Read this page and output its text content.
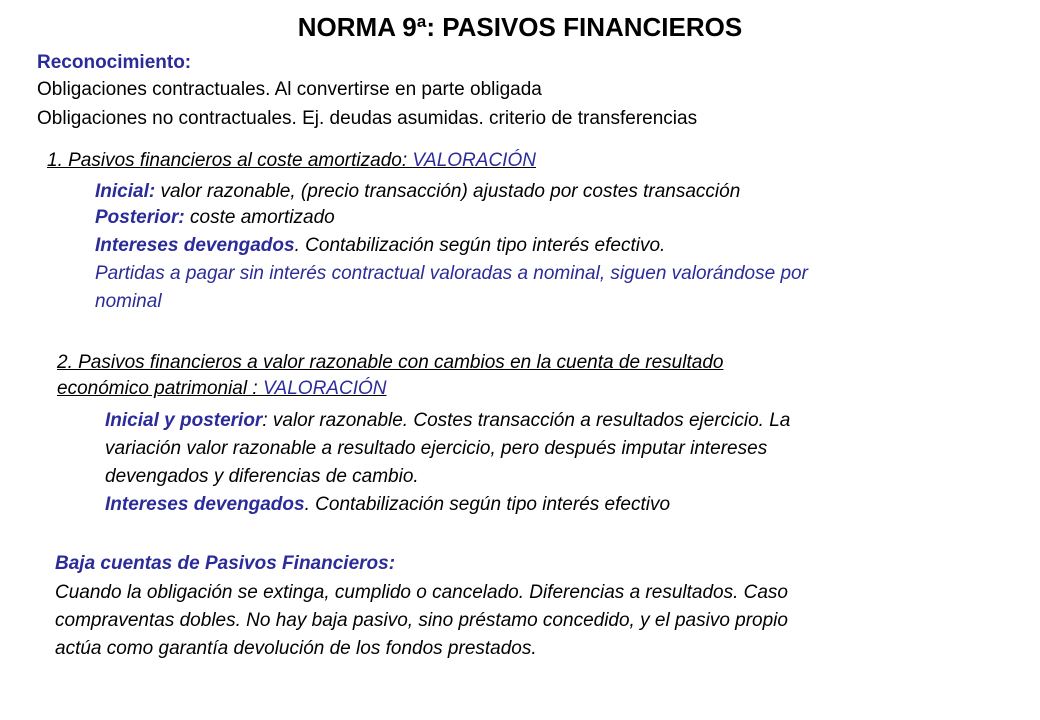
NORMA 9ª: PASIVOS FINANCIEROS
Reconocimiento:
Obligaciones contractuales. Al convertirse en parte obligada
Obligaciones no contractuales. Ej. deudas asumidas. criterio de transferencias
1. Pasivos financieros al coste amortizado: VALORACIÓN
Inicial: valor razonable, (precio transacción) ajustado por costes transacción
Posterior: coste amortizado
Intereses devengados. Contabilización según tipo interés efectivo.
Partidas a pagar sin interés contractual valoradas a nominal, siguen valorándose por
nominal
2. Pasivos financieros a valor razonable con cambios en la cuenta de resultado
económico patrimonial : VALORACIÓN
Inicial y posterior: valor razonable. Costes transacción a resultados ejercicio. La
variación valor razonable a resultado ejercicio, pero después imputar intereses
devengados y diferencias de cambio.
Intereses devengados. Contabilización según tipo interés efectivo
Baja cuentas de Pasivos Financieros:
Cuando la obligación se extinga, cumplido o cancelado. Diferencias a resultados. Caso
compraventas dobles. No hay baja pasivo, sino préstamo concedido, y el pasivo propio
actúa como garantía devolución de los fondos prestados.
